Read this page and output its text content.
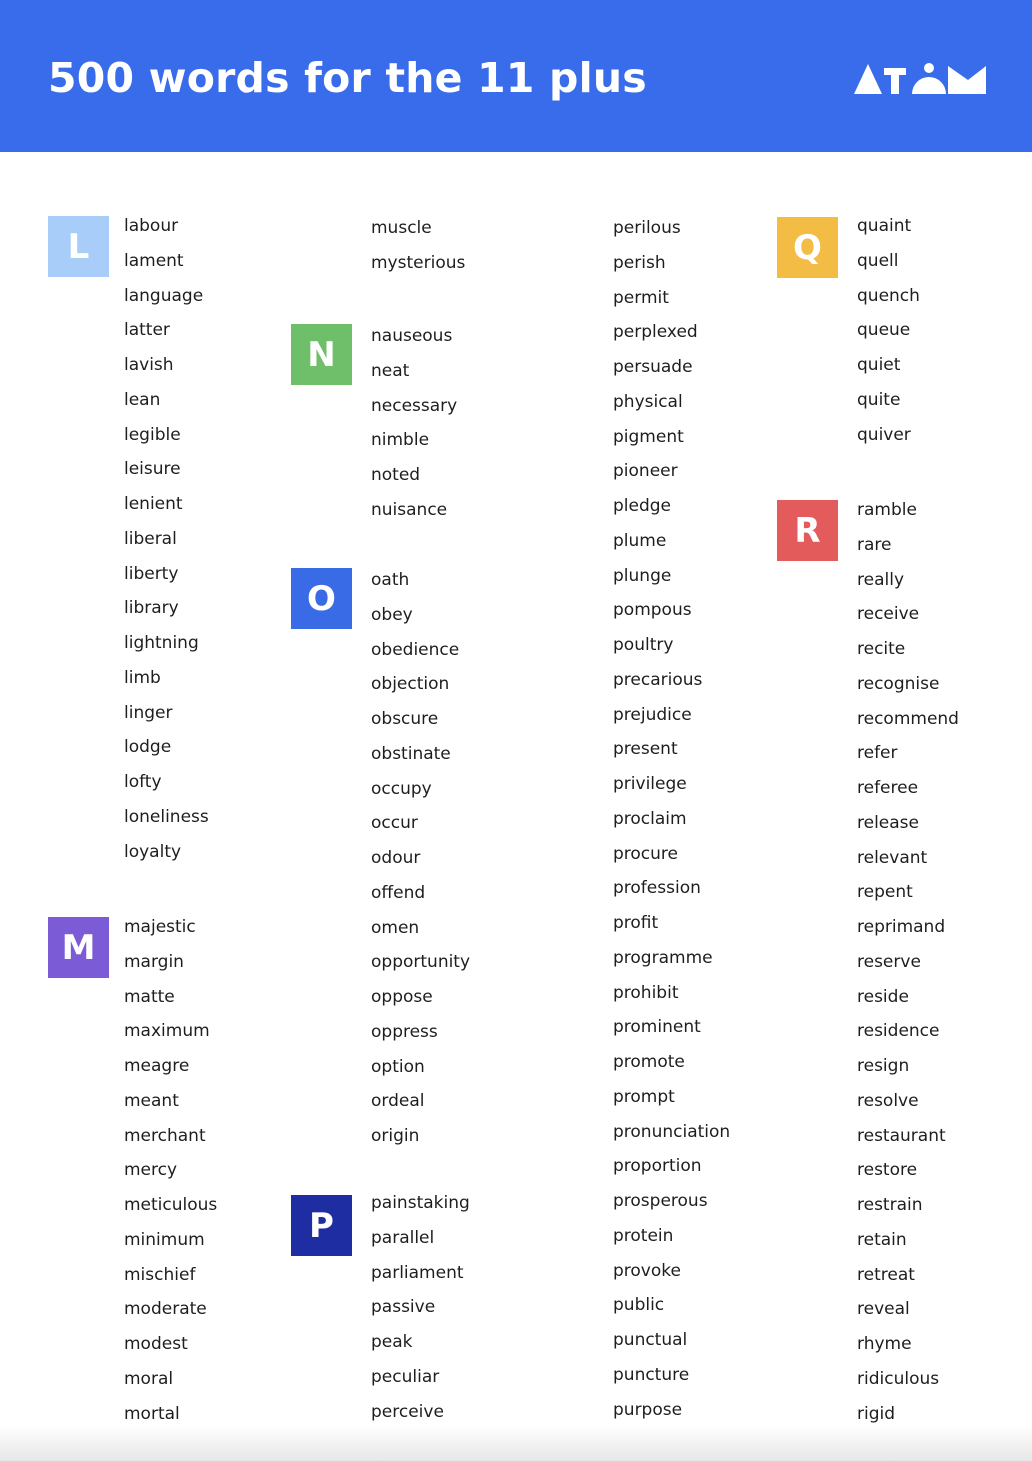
500 words for the 11 plus
L
labour
lament
language
latter
lavish
lean
legible
leisure
lenient
liberal
liberty
library
lightning
limb
linger
lodge
lofty
loneliness
loyalty
M
majestic
margin
matte
maximum
meagre
meant
merchant
mercy
meticulous
minimum
mischief
moderate
modest
moral
mortal
muscle
mysterious
N	nauseous
neat
necessary
nimble
noted
nuisance
O	oath
obey
obedience
objection
obscure
obstinate
occupy
occur
odour
offend
omen
opportunity
oppose
oppress
option
ordeal
origin
P
painstaking
parallel
parliament
passive
peak
peculiar
perceive
perilous
perish
permit
perplexed
persuade
physical
pigment
pioneer
pledge
plume
plunge
pompous
poultry
precarious
prejudice
present
privilege
proclaim
procure
profession
profit
programme
prohibit
prominent
promote
prompt
pronunciation
proportion
prosperous
protein
provoke
public
punctual
puncture
purpose
Q
quaint
quell
quench
queue
quiet
quite
quiver
R
ramble
rare
really
receive
recite
recognise
recommend
refer
referee
release
relevant
repent
reprimand
reserve
reside
residence
resign
resolve
restaurant
restore
restrain
retain
retreat
reveal
rhyme
ridiculous
rigid
